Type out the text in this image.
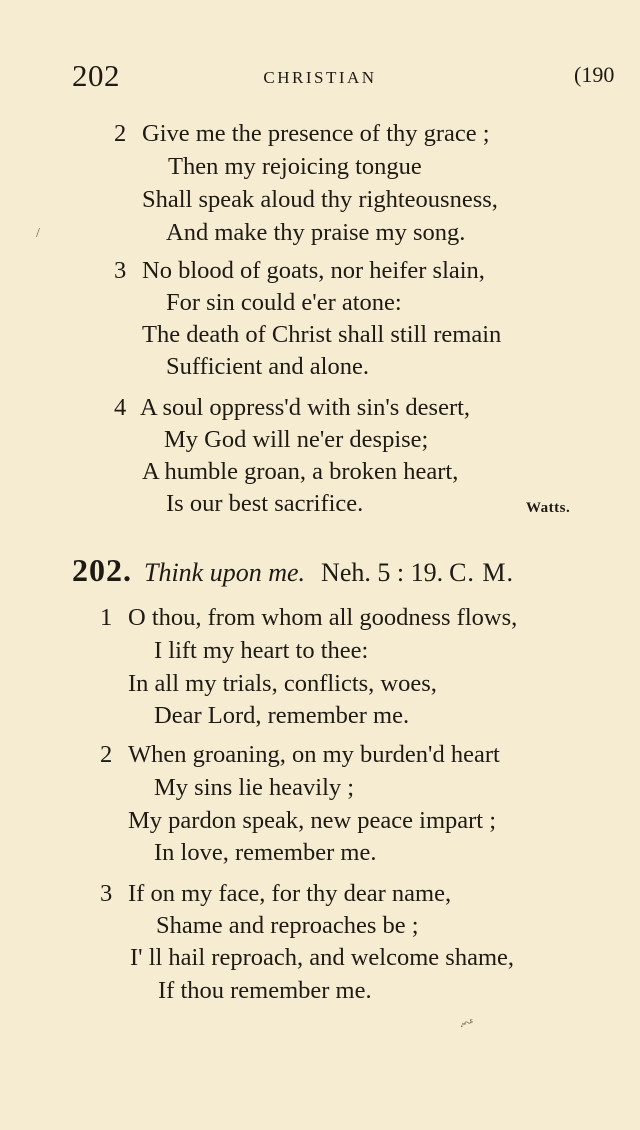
202	CHRISTIAN	(190
2 Give me the presence of thy grace ;
Then my rejoicing tongue
Shall speak aloud thy righteousness,
And make thy praise my song.
3 No blood of goats, nor heifer slain,
For sin could e'er atone:
The death of Christ shall still remain
Sufficient and alone.
4 A soul oppress'd with sin's desert,
My God will ne'er despise;
A humble groan, a broken heart,
Is our best sacrifice.	Watts.
202. Think upon me. Neh. 5 : 19. C. M.
1 O thou, from whom all goodness flows,
I lift my heart to thee:
In all my trials, conflicts, woes,
Dear Lord, remember me.
2 When groaning, on my burden'd heart
My sins lie heavily ;
My pardon speak, new peace impart ;
In love, remember me.
3 If on my face, for thy dear name,
Shame and reproaches be ;
I' ll hail reproach, and welcome shame,
If thou remember me.
/
.-~ˢ
